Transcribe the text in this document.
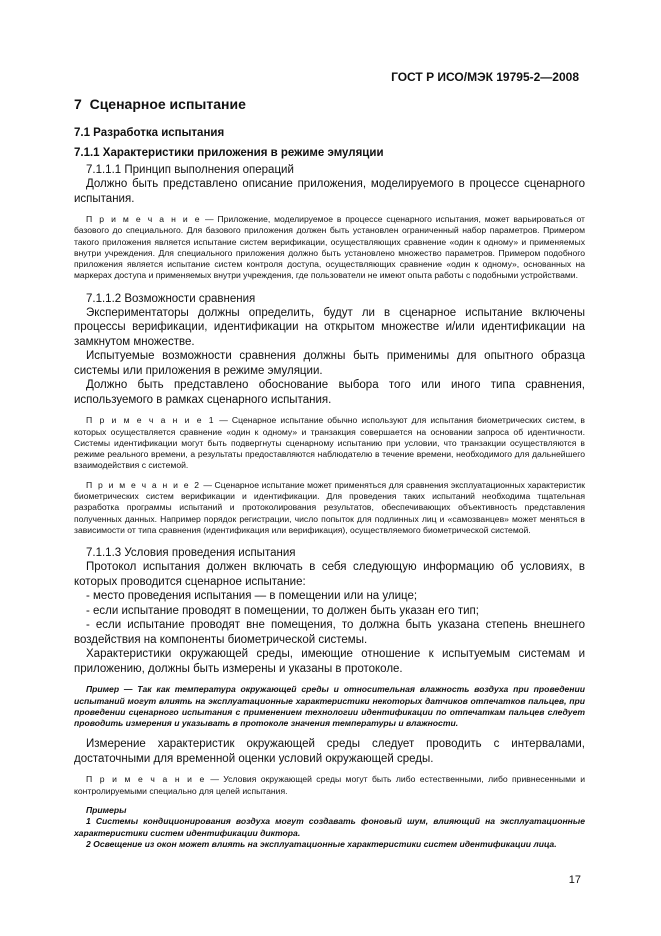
ГОСТ Р ИСО/МЭК 19795-2—2008
7 Сценарное испытание
7.1 Разработка испытания
7.1.1 Характеристики приложения в режиме эмуляции
7.1.1.1 Принцип выполнения операций

Должно быть представлено описание приложения, моделируемого в процессе сценарного испытания.

П р и м е ч а н и е — Приложение, моделируемое в процессе сценарного испытания, может варьироваться от базового до специального. Для базового приложения должен быть установлен ограниченный набор параметров. Примером такого приложения является испытание систем верификации, осуществляющих сравнение «один к одному» и применяемых внутри учреждения. Для специального приложения должно быть установлено множество параметров. Примером подобного приложения является испытание систем контроля доступа, осуществляющих сравнение «один к одному», основанных на маркерах доступа и применяемых внутри учреждения, где пользователи не имеют опыта работы с подобными устройствами.

7.1.1.2 Возможности сравнения

Экспериментаторы должны определить, будут ли в сценарное испытание включены процессы верификации, идентификации на открытом множестве и/или идентификации на замкнутом множестве.

Испытуемые возможности сравнения должны быть применимы для опытного образца системы или приложения в режиме эмуляции.

Должно быть представлено обоснование выбора того или иного типа сравнения, используемого в рамках сценарного испытания.

П р и м е ч а н и е 1 — Сценарное испытание обычно используют для испытания биометрических систем, в которых осуществляется сравнение «один к одному» и транзакция совершается на основании запроса об идентичности. Системы идентификации могут быть подвергнуты сценарному испытанию при условии, что транзакции осуществляются в режиме реального времени, а результаты предоставляются наблюдателю в течение времени, необходимого для дальнейшего взаимодействия с системой.

П р и м е ч а н и е 2 — Сценарное испытание может применяться для сравнения эксплуатационных характеристик биометрических систем верификации и идентификации. Для проведения таких испытаний необходима тщательная разработка программы испытаний и протоколирования результатов, обеспечивающих объективность представления полученных данных. Например порядок регистрации, число попыток для подлинных лиц и «самозванцев» может меняться в зависимости от типа сравнения (идентификация или верификация), осуществляемого биометрической системой.

7.1.1.3 Условия проведения испытания

Протокол испытания должен включать в себя следующую информацию об условиях, в которых проводится сценарное испытание:

- место проведения испытания — в помещении или на улице;

- если испытание проводят в помещении, то должен быть указан его тип;

- если испытание проводят вне помещения, то должна быть указана степень внешнего воздействия на компоненты биометрической системы.

Характеристики окружающей среды, имеющие отношение к испытуемым системам и приложению, должны быть измерены и указаны в протоколе.

Пример — Так как температура окружающей среды и относительная влажность воздуха при проведении испытаний могут влиять на эксплуатационные характеристики некоторых датчиков отпечатков пальцев, при проведении сценарного испытания с применением технологии идентификации по отпечаткам пальцев следует проводить измерения и указывать в протоколе значения температуры и влажности.

Измерение характеристик окружающей среды следует проводить с интервалами, достаточными для временной оценки условий окружающей среды.

П р и м е ч а н и е — Условия окружающей среды могут быть либо естественными, либо привнесенными и контролируемыми специально для целей испытания.

Примеры

1 Системы кондиционирования воздуха могут создавать фоновый шум, влияющий на эксплуатационные характеристики систем идентификации диктора.

2 Освещение из окон может влиять на эксплуатационные характеристики систем идентификации лица.

17
